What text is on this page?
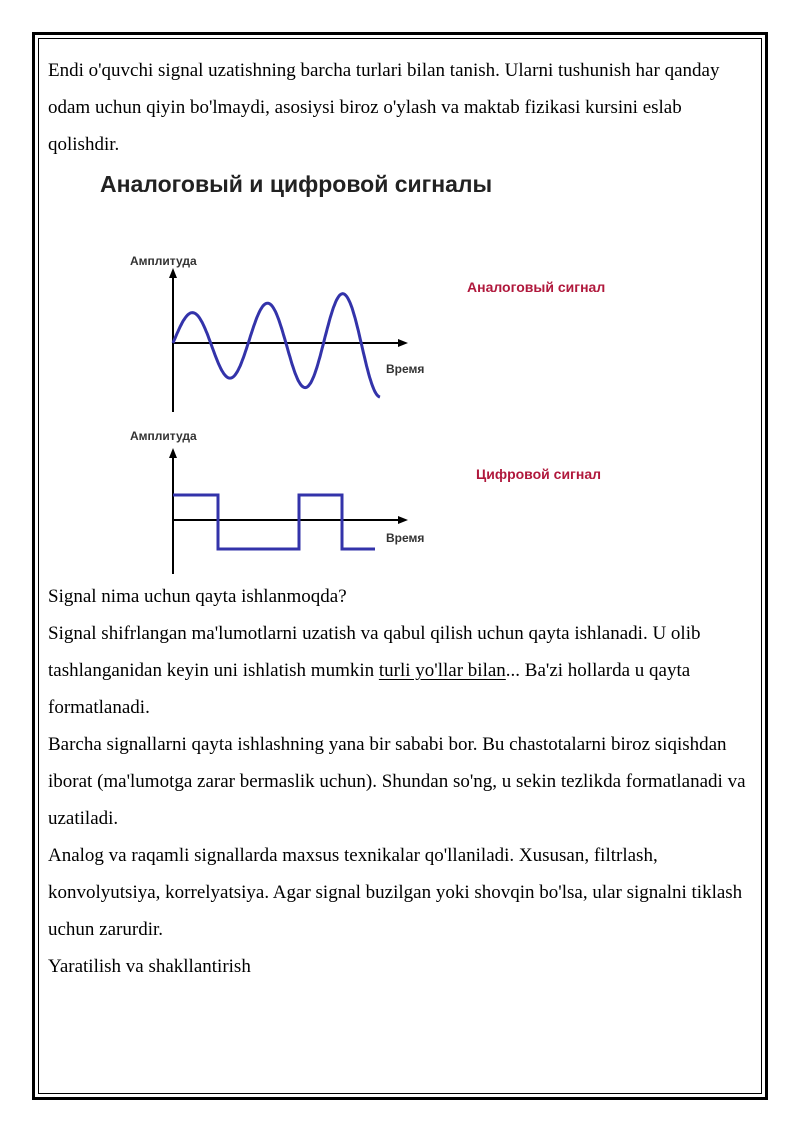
Endi o'quvchi signal uzatishning barcha turlari bilan tanish. Ularni tushunish har qanday odam uchun qiyin bo'lmaydi, asosiysi biroz o'ylash va maktab fizikasi kursini eslab qolishdir.

Аналоговый и цифровой сигналы
Амплитуда
Время
Аналоговый сигнал
Амплитуда
Время
Цифровой сигнал

Signal nima uchun qayta ishlanmoqda?

Signal shifrlangan ma'lumotlarni uzatish va qabul qilish uchun qayta ishlanadi. U olib tashlanganidan keyin uni ishlatish mumkin turli yo'llar bilan... Ba'zi hollarda u qayta formatlanadi.

Barcha signallarni qayta ishlashning yana bir sababi bor. Bu chastotalarni biroz siqishdan iborat (ma'lumotga zarar bermaslik uchun). Shundan so'ng, u sekin tezlikda formatlanadi va uzatiladi.

Analog va raqamli signallarda maxsus texnikalar qo'llaniladi. Xususan, filtrlash, konvolyutsiya, korrelyatsiya. Agar signal buzilgan yoki shovqin bo'lsa, ular signalni tiklash uchun zarurdir.

Yaratilish va shakllantirish
